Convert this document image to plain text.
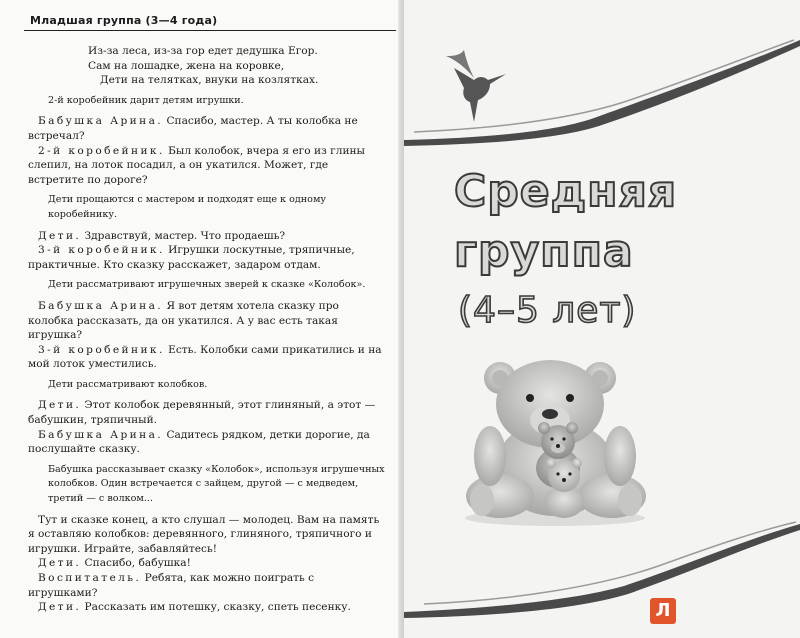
Младшая группа (3—4 года)

Из-за леса, из-за гор едет дедушка Егор.

Сам на лошадке, жена на коровке,

Дети на телятках, внуки на козлятках.

2-й коробейник дарит детям игрушки.

Бабушка Арина. Спасибо, мастер. А ты колобка не встречал?

2-й коробейник. Был колобок, вчера я его из глины слепил, на лоток посадил, а он укатился. Может, где встретите по дороге?

Дети прощаются с мастером и подходят еще к одному коробейнику.

Дети. Здравствуй, мастер. Что продаешь?

3-й коробейник. Игрушки лоскутные, тряпичные, практичные. Кто сказку расскажет, задаром отдам.

Дети рассматривают игрушечных зверей к сказке «Колобок».

Бабушка Арина. Я вот детям хотела сказку про колобка рассказать, да он укатился. А у вас есть такая игрушка?

3-й коробейник. Есть. Колобки сами прикатились и на мой лоток уместились.

Дети рассматривают колобков.

Дети. Этот колобок деревянный, этот глиняный, а этот — бабушкин, тряпичный.

Бабушка Арина. Садитесь рядком, детки дорогие, да послушайте сказку.

Бабушка рассказывает сказку «Колобок», используя игрушечных колобков. Один встречается с зайцем, другой — с медведем, третий — с волком...

Тут и сказке конец, а кто слушал — молодец. Вам на память я оставляю колобков: деревянного, глиняного, тряпичного и игрушки. Играйте, забавляйтесь!

Дети. Спасибо, бабушка!

Воспитатель. Ребята, как можно поиграть с игрушками?

Дети. Рассказать им потешку, сказку, спеть песенку.

Средняя
группа
(4–5 лет)
Л
